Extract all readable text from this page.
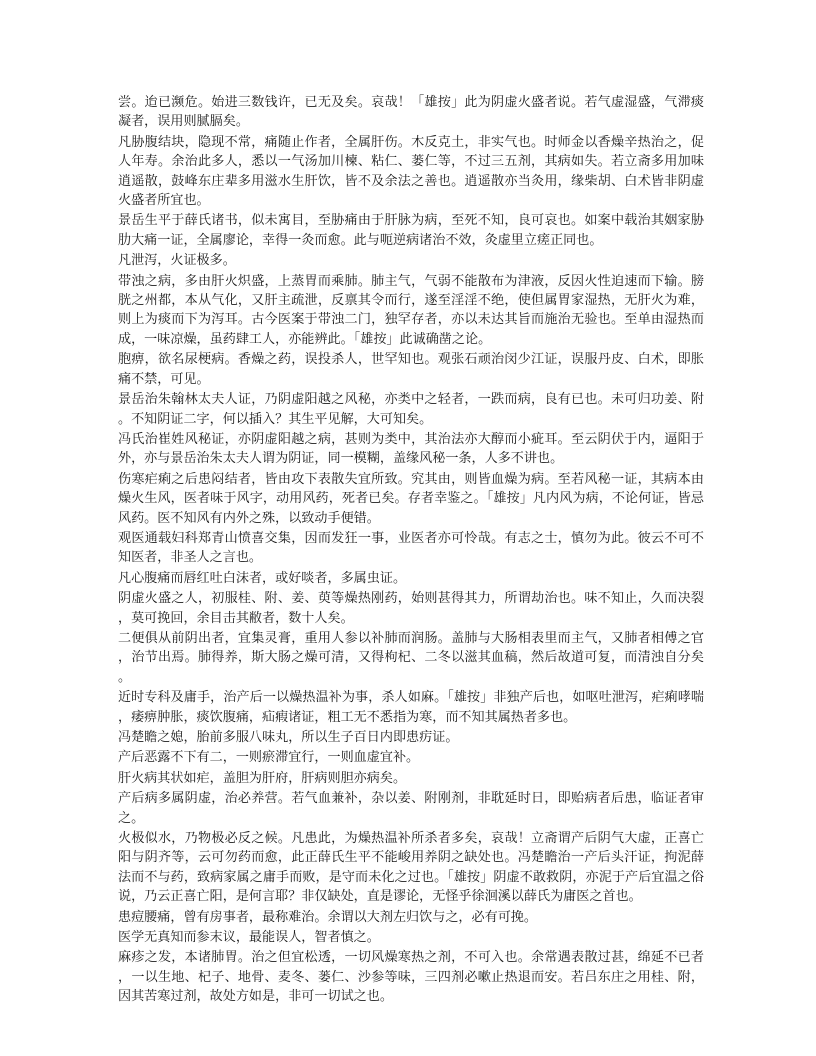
尝。迨已濒危。始进三数钱许，已无及矣。哀哉！「雄按」此为阴虚火盛者说。若气虚湿盛，气滞痰凝者，误用则腻膈矣。

凡胁腹结块，隐现不常，痛随止作者，全属肝伤。木反克土，非实气也。时师金以香燥辛热治之，促人年寿。余治此多人，悉以一气汤加川楝、粘仁、蒌仁等，不过三五剂，其病如失。若立斋多用加味逍遥散，鼓峰东庄辈多用滋水生肝饮，皆不及余法之善也。逍遥散亦当灸用，缘柴胡、白术皆非阴虚火盛者所宜也。

景岳生平于薛氏诸书，似未寓目，至胁痛由于肝脉为病，至死不知，良可哀也。如案中载治其姻家胁肋大痛一证，全属廖论，幸得一灸而愈。此与呃逆病诸治不效，灸虚里立瘥正同也。

凡泄泻，火证极多。

带浊之病，多由肝火炽盛，上蒸胃而乘肺。肺主气，气弱不能散布为津液，反因火性迫速而下输。膀胱之州都，本从气化，又肝主疏泄，反禀其令而行，遂至淫淫不绝，使但属胃家湿热，无肝火为难，则上为痰而下为泻耳。古今医案于带浊二门，独罕存者，亦以未达其旨而施治无验也。至单由湿热而成，一味凉燥，虽药肆工人，亦能辨此。「雄按」此诚确凿之论。

胞痹，欲名尿梗病。香燥之药，误投杀人，世罕知也。观张石顽治闵少江证，误服丹皮、白术，即胀痛不禁，可见。

景岳治朱翰林太夫人证，乃阴虚阳越之风秘，亦类中之轻者，一跌而病，良有已也。未可归功姜、附。不知阴证二字，何以插入？其生平见解，大可知矣。

冯氏治崔姓风秘证，亦阴虚阳越之病，甚则为类中，其治法亦大醇而小疵耳。至云阴伏于内，逼阳于外，亦与景岳治朱太夫人谓为阴证，同一模糊，盖缘风秘一条，人多不讲也。

伤寒疟痢之后患闷结者，皆由攻下表散失宜所致。究其由，则皆血燥为病。至若风秘一证，其病本由燥火生风，医者味于风字，动用风药，死者已矣。存者幸鉴之。「雄按」凡内风为病，不论何证，皆忌风药。医不知风有内外之殊，以致动手便错。

观医通载妇科郑青山愤喜交集，因而发狂一事，业医者亦可怜哉。有志之士，慎勿为此。彼云不可不知医者，非圣人之言也。

凡心腹痛而唇红吐白沫者，或好啖者，多属虫证。

阴虚火盛之人，初服桂、附、姜、萸等燥热刚药，始则甚得其力，所谓劫治也。味不知止，久而决裂，莫可挽回，余目击其敝者，数十人矣。

二便俱从前阴出者，宜集灵膏，重用人参以补肺而润肠。盖肺与大肠相表里而主气，又肺者相傅之官，治节出焉。肺得养，斯大肠之燥可清，又得枸杞、二冬以滋其血稿，然后故道可复，而清浊自分矣。

近时专科及庸手，治产后一以燥热温补为事，杀人如麻。「雄按」非独产后也，如呕吐泄泻，疟痢哮喘，痿痹肿胀，痰饮腹痛，疝瘕诸证，粗工无不悉指为寒，而不知其属热者多也。

冯楚瞻之媳，胎前多服八味丸，所以生子百日内即患疠证。

产后恶露不下有二，一则瘀滞宜行，一则血虚宜补。

肝火病其状如疟，盖胆为肝府，肝病则胆亦病矣。

产后病多属阴虚，治必养营。若气血兼补，杂以姜、附刚剂，非耽延时日，即贻病者后患，临证者审之。

火极似水，乃物极必反之候。凡患此，为燥热温补所杀者多矣，哀哉！立斋谓产后阴气大虚，正喜亡阳与阴齐等，云可勿药而愈，此正薛氏生平不能峻用养阴之缺处也。冯楚瞻治一产后头汗证，拘泥薛法而不与药，致病家属之庸手而败，是守而未化之过也。「雄按」阴虚不敢救阴，亦泥于产后宜温之俗说，乃云正喜亡阳，是何言耶？非仅缺处，直是谬论，无怪乎徐洄溪以薛氏为庸医之首也。

患痘腰痛，曾有房事者，最称难治。余谓以大剂左归饮与之，必有可挽。

医学无真知而参末议，最能误人，智者慎之。

麻疹之发，本诸肺胃。治之但宜松透，一切风燥寒热之剂，不可入也。余常遇表散过甚，绵延不已者，一以生地、杞子、地骨、麦冬、蒌仁、沙参等味，三四剂必嗽止热退而安。若吕东庄之用桂、附，因其苦寒过剂，故处方如是，非可一切试之也。
